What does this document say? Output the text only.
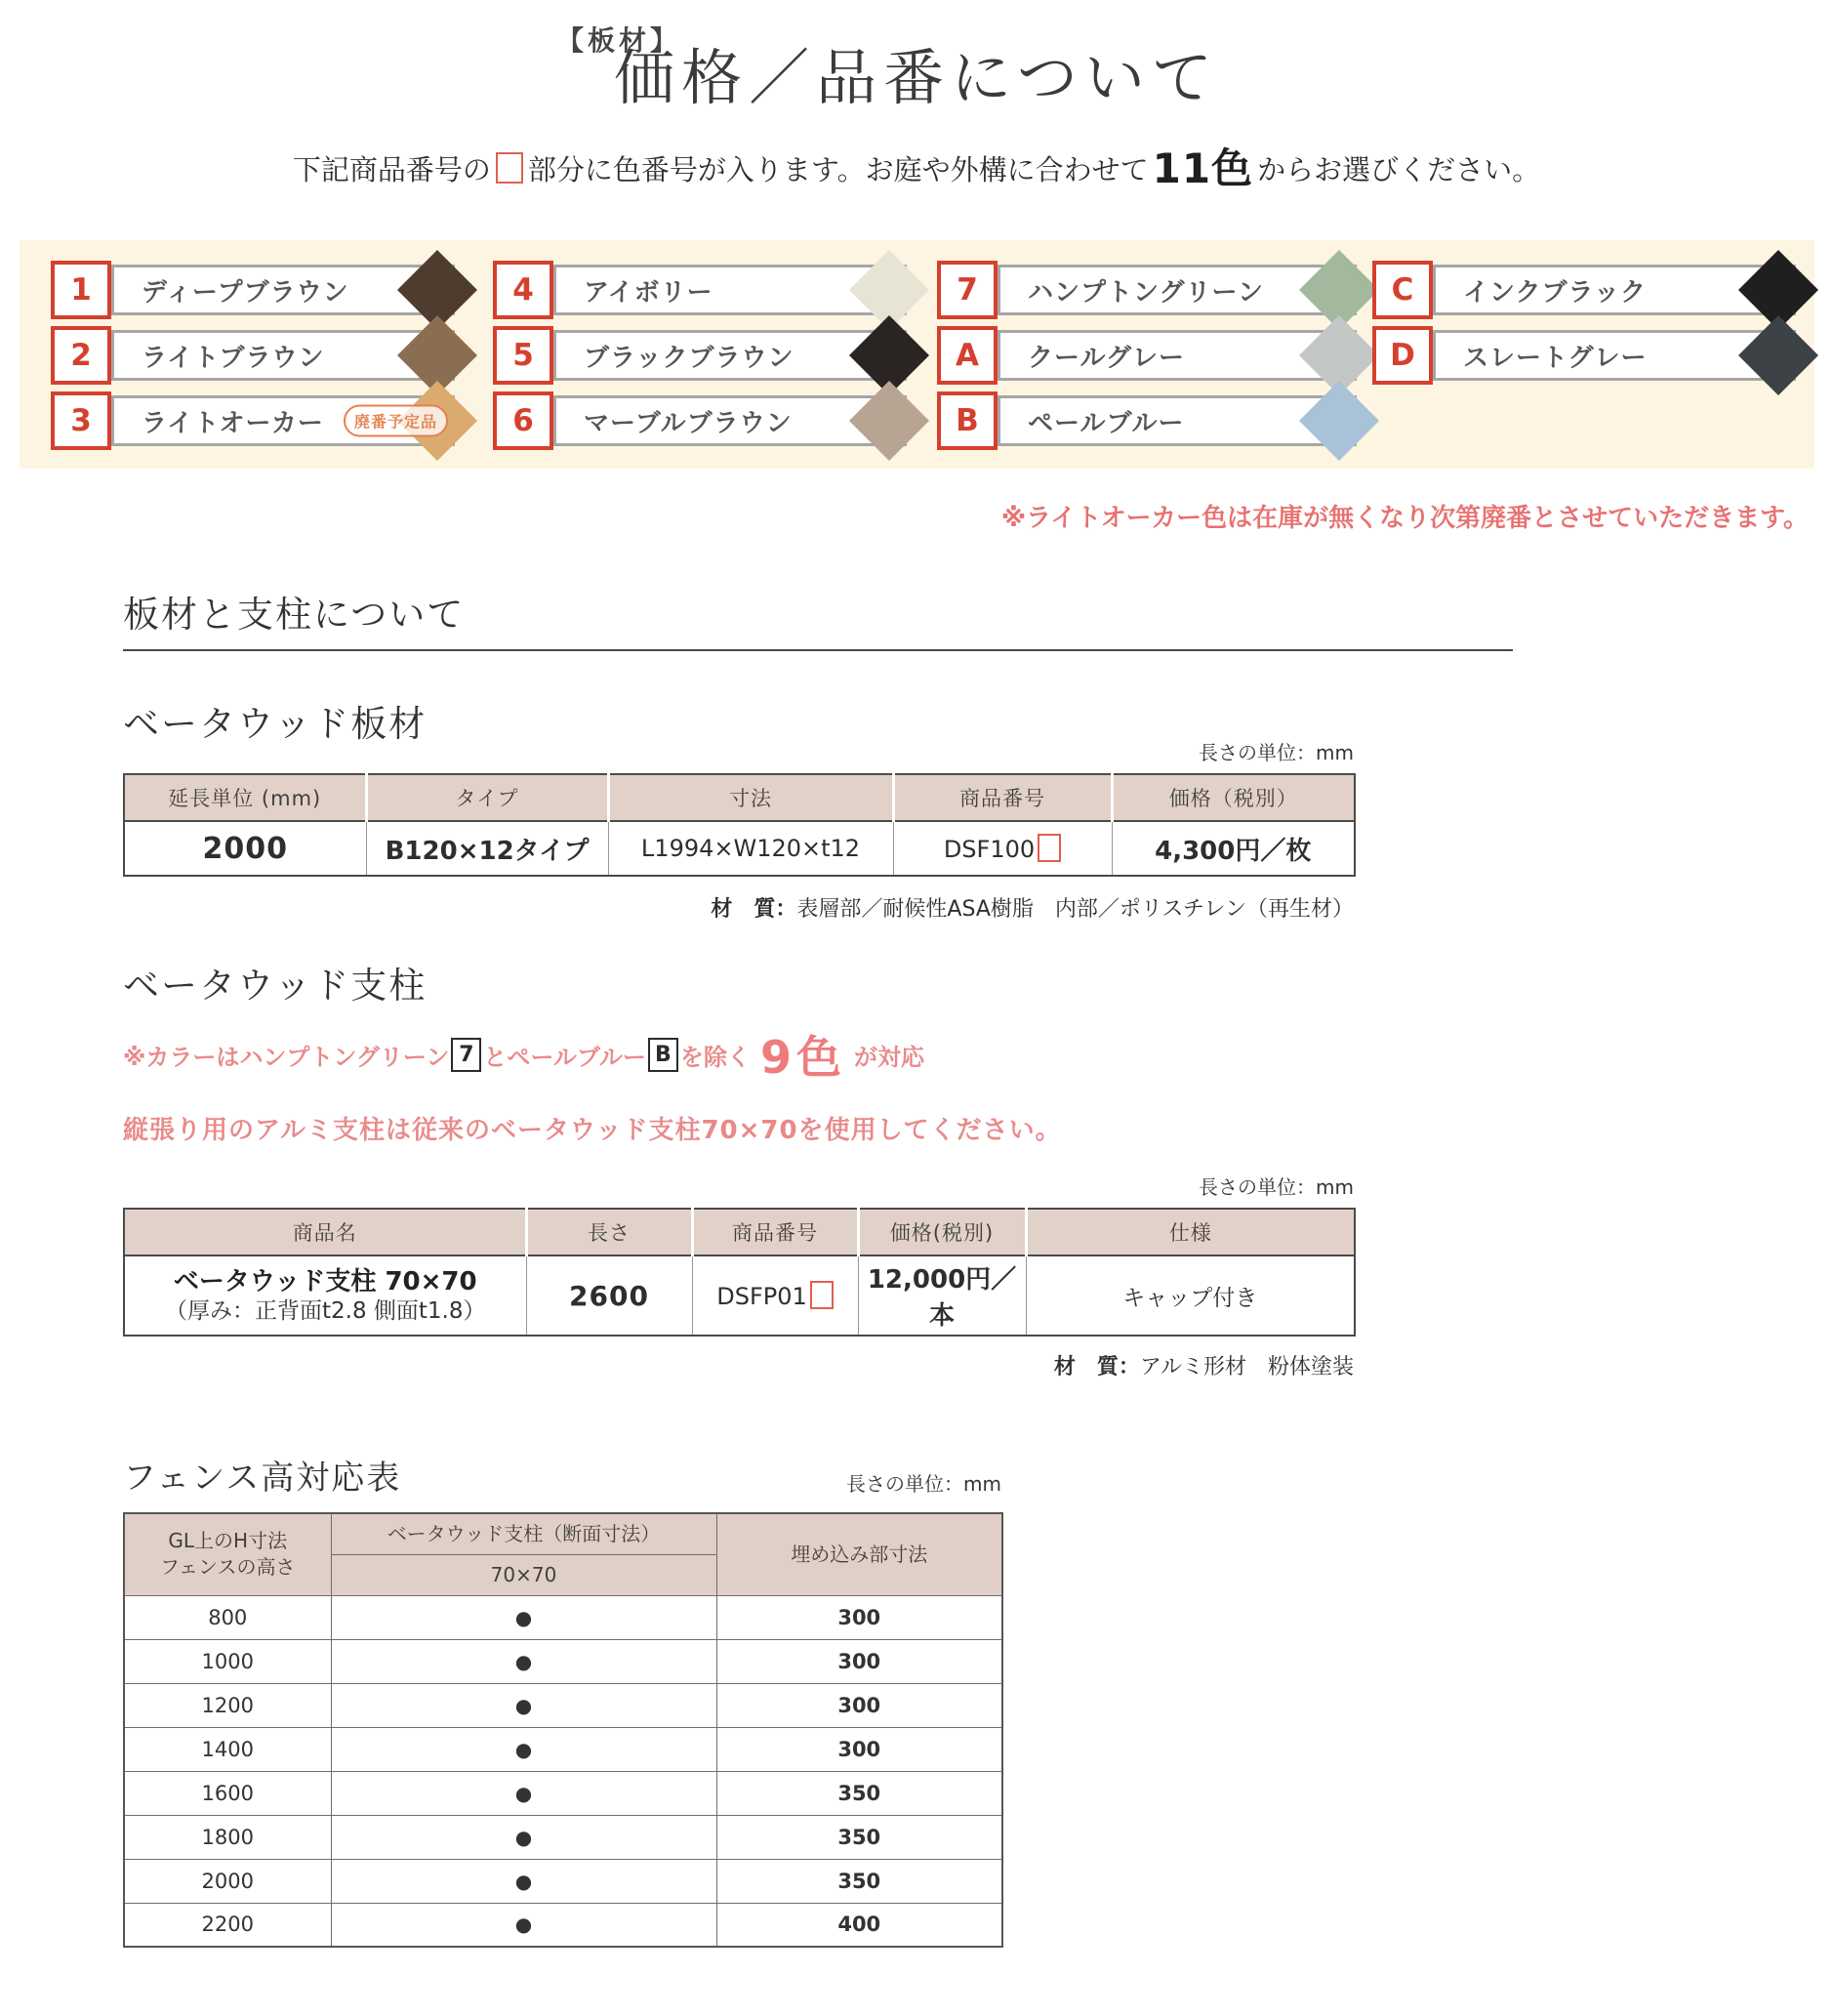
【板材】
価格／品番について

下記商品番号の 部分に色番号が入ります。お庭や外構に合わせて11色 からお選びください。

1 ディープブラウン
2 ライトブラウン
3 ライトオーカー	廃番予定品
4 アイボリー
5 ブラックブラウン
6 マーブルブラウン
7 ハンプトングリーン
A クールグレー
B ペールブルー
C インクブラック
D スレートグレー

※ライトオーカー色は在庫が無くなり次第廃番とさせていただきます。

板材と支柱について
ベータウッド板材
長さの単位：mm
延長単位 (mm)	タイプ	寸法	商品番号	価格（税別）
2000	B120×12タイプ	L1994×W120×t12	DSF100	4,300円／枚

材　質：表層部／耐候性ASA樹脂　内部／ポリスチレン（再生材）

ベータウッド支柱

※カラーはハンプトングリーン 7 とペールブルー B を除く 9色 が対応

縦張り用のアルミ支柱は従来のベータウッド支柱70×70を使用してください。

長さの単位：mm
商品名	長さ	商品番号	価格(税別)	仕様

ベータウッド支柱 70×70
（厚み：正背面t2.8 側面t1.8）	2600	DSFP01	12,000円／本	キャップ付き

材　質：アルミ形材　粉体塗装

フェンス高対応表	長さの単位：mm
GL上のH寸法
フェンスの高さ	ベータウッド支柱（断面寸法）	埋め込み部寸法
	70×70	
800	●	300
1000	●	300
1200	●	300
1400	●	300
1600	●	350
1800	●	350
2000	●	350
2200	●	400
